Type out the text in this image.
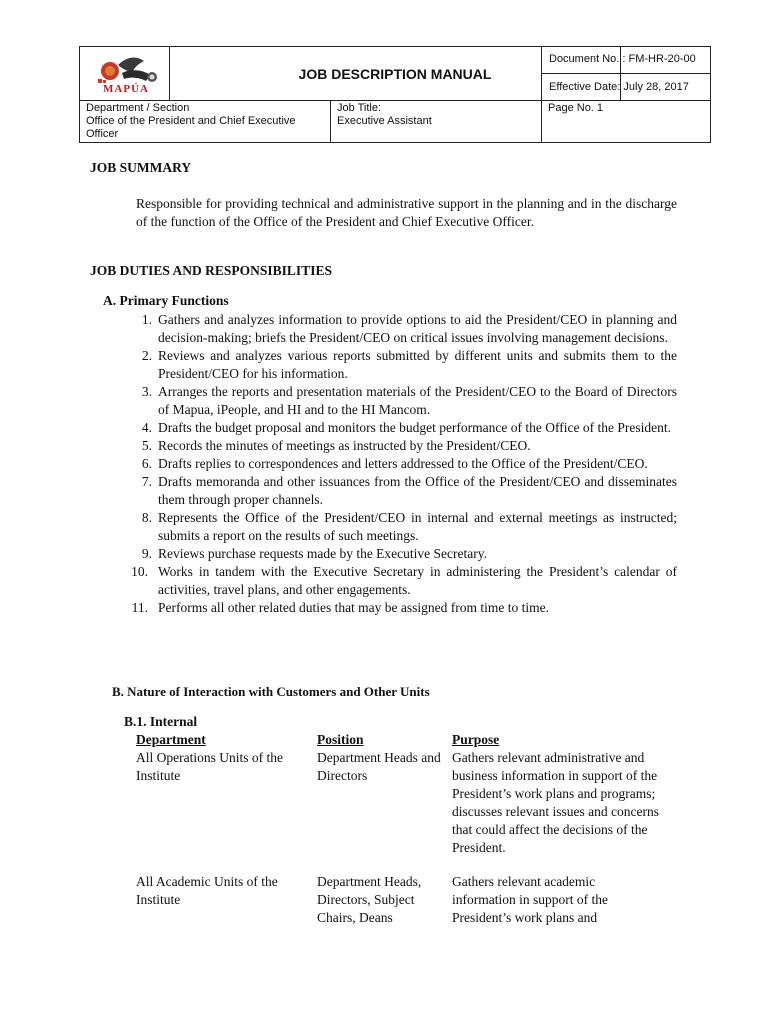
MAPÚA
JOB DESCRIPTION MANUAL
Document No. : FM-HR-20-00
Effective Date: July 28, 2017
Department / Section
Office of the President and Chief Executive Officer
Job Title:
Executive Assistant
Page No. 1
JOB SUMMARY
Responsible for providing technical and administrative support in the planning and in the discharge of the function of the Office of the President and Chief Executive Officer.
JOB DUTIES AND RESPONSIBILITIES
A. Primary Functions
1. Gathers and analyzes information to provide options to aid the President/CEO in planning and decision-making; briefs the President/CEO on critical issues involving management decisions.
2. Reviews and analyzes various reports submitted by different units and submits them to the President/CEO for his information.
3. Arranges the reports and presentation materials of the President/CEO to the Board of Directors of Mapua, iPeople, and HI and to the HI Mancom.
4. Drafts the budget proposal and monitors the budget performance of the Office of the President.
5. Records the minutes of meetings as instructed by the President/CEO.
6. Drafts replies to correspondences and letters addressed to the Office of the President/CEO.
7. Drafts memoranda and other issuances from the Office of the President/CEO and disseminates them through proper channels.
8. Represents the Office of the President/CEO in internal and external meetings as instructed; submits a report on the results of such meetings.
9. Reviews purchase requests made by the Executive Secretary.
10. Works in tandem with the Executive Secretary in administering the President’s calendar of activities, travel plans, and other engagements.
11. Performs all other related duties that may be assigned from time to time.
B. Nature of Interaction with Customers and Other Units
B.1. Internal
Department	Position	Purpose
All Operations Units of the Institute
Department Heads and Directors
Gathers relevant administrative and business information in support of the President’s work plans and programs; discusses relevant issues and concerns that could affect the decisions of the President.
All Academic Units of the Institute
Department Heads, Directors, Subject Chairs, Deans
Gathers relevant academic information in support of the President’s work plans and
